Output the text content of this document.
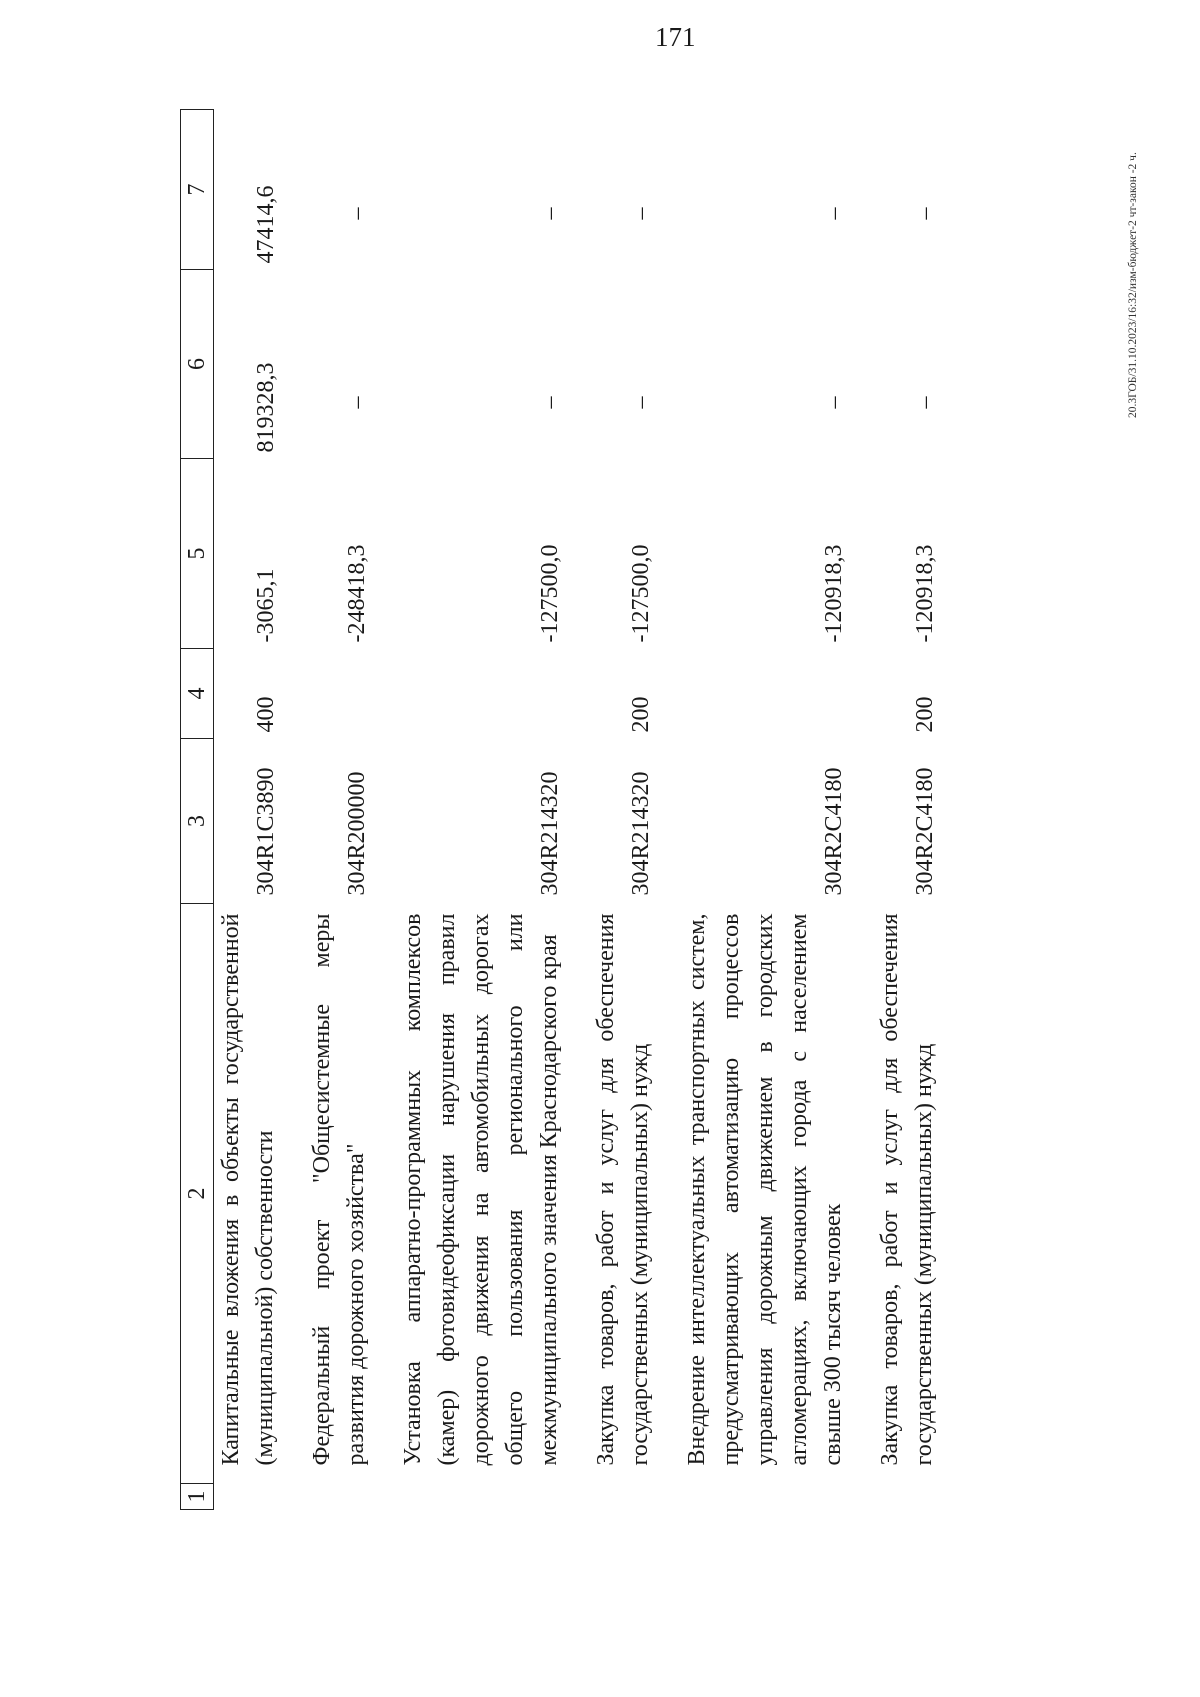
171
20.3ГОБ/31.10.2023/16:32/изм-бюджет-2 чт-закон -2 ч.
1	2	3	4	5	6	7
	Капитальные вложения в объекты государственной (муниципальной) собственности	304R1C3890	400	-3065,1	819328,3	47414,6

	Федеральный проект "Общесистемные меры развития дорожного хозяйства"	304R200000		-248418,3	–	–

	Установка аппаратно-программных комплексов (камер) фотовидеофиксации нарушения правил дорожного движения на автомобильных дорогах общего пользования регионального или межмуниципального значения Краснодарского края	304R214320		-127500,0	–	–

	Закупка товаров, работ и услуг для обеспечения государственных (муниципальных) нужд	304R214320	200	-127500,0	–	–

	Внедрение интеллектуальных транспортных систем, предусматривающих автоматизацию процессов управления дорожным движением в городских агломерациях, включающих города с населением свыше 300 тысяч человек	304R2C4180		-120918,3	–	–

	Закупка товаров, работ и услуг для обеспечения государственных (муниципальных) нужд	304R2C4180	200	-120918,3	–	–
